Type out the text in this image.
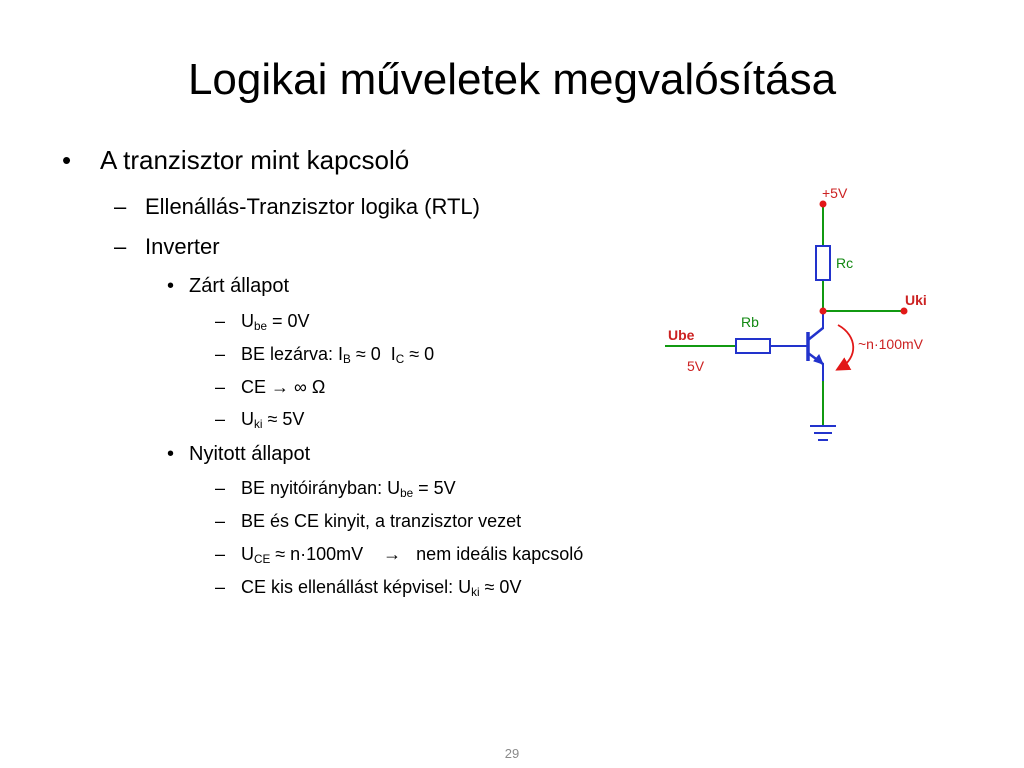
Logikai műveletek megvalósítása
•	A tranzisztor mint kapcsoló
– Ellenállás-Tranzisztor logika (RTL)
– Inverter
• Zárt állapot
– $U_{be} = 0V$
– BE lezárva: $I_B \approx 0$  $I_C \approx 0$
– CE → ∞ Ω
– $U_{ki} \approx 5V$
• Nyitott állapot
– BE nyitóirányban: $U_{be} = 5V$
– BE és CE kinyit, a tranzisztor vezet
– $U_{CE} \approx n\cdot 100mV$    →   nem ideális kapcsoló
– CE kis ellenállást képvisel: $U_{ki} \approx 0V$
+5V
Rc
Rb
Uki
Ube
5V
~n·100mV
29
